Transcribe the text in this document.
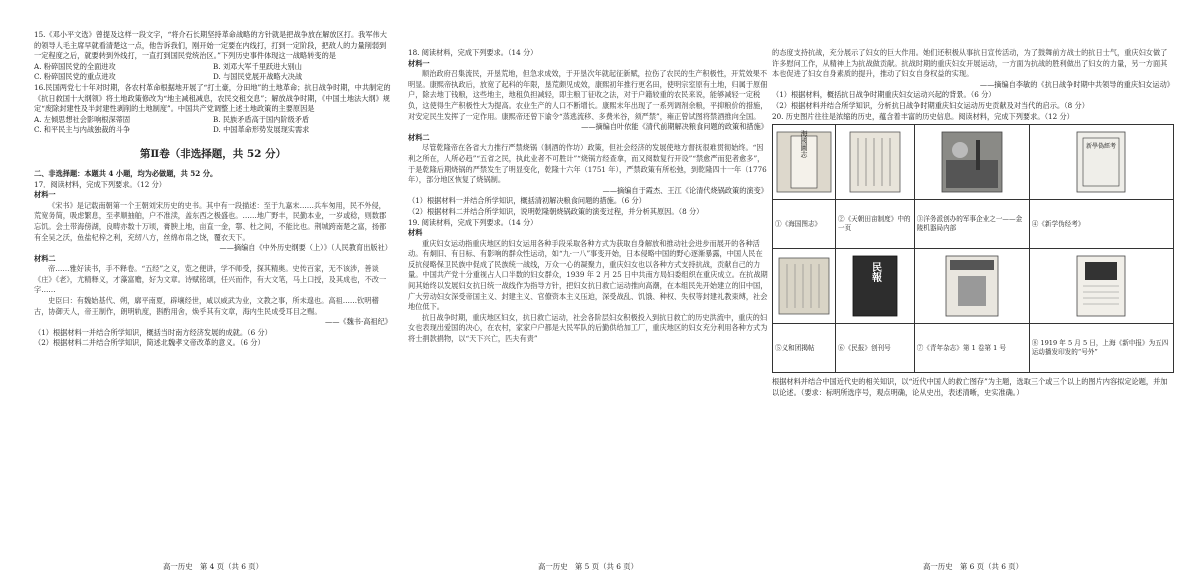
15.《邓小平文选》曾提及这样一段文字，“将介石长期坚持革命战略的方针就是把战争放在解放区打。我军伟大的领导人毛主席早就看清楚这一点，他告诉我们，刚开始一定要在内线打，打到一定阶段，把敌人的力量削弱到一定程度之后，就要转到外线打，一直打到国民党统治区。”下列历史事件体现这一战略转变的是

A. 粉碎国民党的全面进攻	B. 刘邓大军千里跃进大别山
C. 粉碎国民党的重点进攻	D. 与国民党展开战略大决战

16.民国两党七十年对时期，各农村革命根据地开展了“打土豪，分田地”的土地革命；抗日战争时期，中共制定的《抗日救国十大纲领》将土地政策修改为“地主减租减息，农民交租交息”；解放战争时期，《中国土地法大纲》规定“废除封建性及半封建性剥削的土地制度”。中国共产党调整上述土地政策的主要原因是

A. 左倾思想社会影响根深蒂固	B. 民族矛盾高于国内阶级矛盾
C. 和平民主与内战独裁的斗争	D. 中国革命形势发展现实需求
第Ⅱ卷（非选择题，共 52 分）

二、非选择题：本题共 4 小题，均为必做题，共 52 分。

17．阅读材料，完成下列要求。（12 分）

材料一

《宋书》是记载南朝第一个王朝刘宋历史的史书。其中有一段描述：至于九嘉末……兵车匆用，民不外侵，荒宽务简，吸虑繁息，至孝顺抽舶，户不准渎，盖东西之极盛也。……地广野丰，民勤本业，一岁或稔，则数郡忘饥。会土带海傍湖，良畴亦数十万顷，膏腴上地，亩直一金，鄠、杜之间，不能比也。荆城跨南楚之富，扬都有全吴之沃，鱼盐杞梓之利，充纫八方，丝绵布帛之饶，覆衣天下。

——摘编自《中外历史纲要（上）》（人民教育出版社）

材料二

帝……雅好读书，手不释卷。“五经”之义，览之便讲，学不师受，探其精奥。史传百家，无不该涉，善谈《庄》《老》，尤精释义，才藻富赡，好为文章。诗赋铭颂，任兴而作，有大文笔，马上口授，及其成也，不改一字……

史臣曰：有魏始基代、朔，廓平南夏，辟壤经世，咸以威武为业，文教之事，所未遑也。高祖……钦明稽古，协御天人，帝王制作，朗明轨度，斟酌用舍，焕乎其有文章，海内生民成受耳目之赐。

——《魏书·高祖纪》

（1）根据材料一并结合所学知识，概括当时南方经济发展的成就。（6 分）

（2）根据材料二并结合所学知识，简述北魏孝文帝改革的意义。（6 分）

高一历史　第 4 页（共 6 页）

18. 阅读材料，完成下列要求。（14 分）

材料一

顺治政府召集流民，开垦荒地，但急求成效，于开垦次年就起征新赋，拉伤了农民的生产积极性，开荒效果不明显。康熙帝执政后，放宽了起科的年限，垦荒颇见成效，康熙初年推行更名田，使明宗室原有土地，归属于原佃户，除去地丁钱粮，这些地主，地租负担减轻，即主粮丁征收之法，对于户籍较重的农民来说，能够减轻一定税负，这使得生产积极性大为提高。农业生产的人口不断增长。康熙末年出现了一系列调剂余粮，平抑粮价的措施，对安定民生发挥了一定作用。康熙帝还曾下谕令“蒸逃流移、多费米谷，须严禁”，雍正曾试图将禁酒推向全国。

——摘编自叶依能《清代前期解决粮食问题的政策和措施》

材料二

尽管乾隆帝在各省大力推行严禁烧锅（制酒的作坊）政策，但社会经济的发展使地方督抚很难贯彻始终。“因利之所在，人所必趋”“五省之民，执此业者不可胜计”“烧锅方经查拿，而又阅数复行开设”“禁愈严而犯者愈多”，于是乾隆后期烧锅的严禁发生了明显变化，乾隆十六年（1751 年），严禁政策有所松弛，到乾隆四十一年（1776 年），部分地区恢复了烧锅制。

——摘编自于霞杰、王江《论清代烧锅政策的演变》

（1）根据材料一并结合所学知识，概括清初解决粮食问题的措施。（6 分）

（2）根据材料二并结合所学知识，说明乾隆朝烧锅政策的演变过程，并分析其原因。（8 分）

19. 阅读材料，完成下列要求。（14 分）

材料

重庆妇女运动指重庆地区的妇女运用各种手段采取各种方式为获取自身解放和推动社会进步而展开的各种活动。有炯旧、有日标、有影响的群众性运动，如“九·一八”事变开始，日本侵略中国的野心逐渐暴露，中国人民在反抗侵略保卫民族中促成了民族统一战线，万众一心的凝聚力，重庆妇女也以各种方式支持抗战，贡献自己的力量。中国共产党十分重视占人口半数的妇女群众，1939 年 2 月 25 日中共南方局妇委组织在重庆成立。在抗战期间其始终以发展妇女抗日统一战线作为指导方针，把妇女抗日救亡运动推向高潮，在本组民先开始建立的旧中国，广大劳动妇女深受帝国主义、封建主义、官僚资本主义压迫，深受战乱、饥饿、种权、失权等封建礼教束缚，社会地位低下。

抗日战争时期，重庆地区妇女，抗日救亡运动，社会各阶层妇女积极投入到抗日救亡的历史洪流中，重庆的妇女也表现出爱国的决心，在农村，家家户户都是大民军队的后勤供给加工厂，重庆地区的妇女充分利用各种方式为将士捐款捐物，以“天下兴亡，匹夫有责”

高一历史　第 5 页（共 6 页）

的态度支持抗战，充分展示了妇女的巨大作用。她们还积极从事抗日宣传活动，为了鼓舞前方战士的抗日士气，重庆妇女做了许多慰问工作，从精神上为抗战做贡献。抗战时期的重庆妇女开展运动，一方面为抗战的胜利做出了妇女的力量，另一方面其本也促进了妇女自身素质的提升，推动了妇女自身权益的实现。

——摘编自李敏的《抗日战争时期中共领导的重庆妇女运动》

（1）根据材料，概括抗日战争时期重庆妇女运动兴起的背景。（6 分）

（2）根据材料并结合所学知识，分析抗日战争时期重庆妇女运动历史贡献及对当代的启示。（8 分）

20. 历史图片往往是浓缩的历史，蕴含着丰富的历史信息。阅读材料，完成下列要求。（12 分）

海國圖志			新學偽經考

①《海国图志》	②《天朝田亩制度》中的一页	③洋务派创办的军事企业之一——金陵机器局内部	④《新学伪经考》

民報

⑤义和团揭帖	⑥《民报》创刊号	⑦《青年杂志》第 1 卷第 1 号	⑧ 1919 年 5 月 5 日，上海《新申报》为五四运动播发印发的“号外”

根据材料并结合中国近代史的相关知识，以“近代中国人的救亡图存”为主题，选取三个或三个以上的图片内容拟定论题，并加以论述。（要求：标明所选序号，观点明确，论从史出，表述清晰，史实准确。）

高一历史　第 6 页（共 6 页）
